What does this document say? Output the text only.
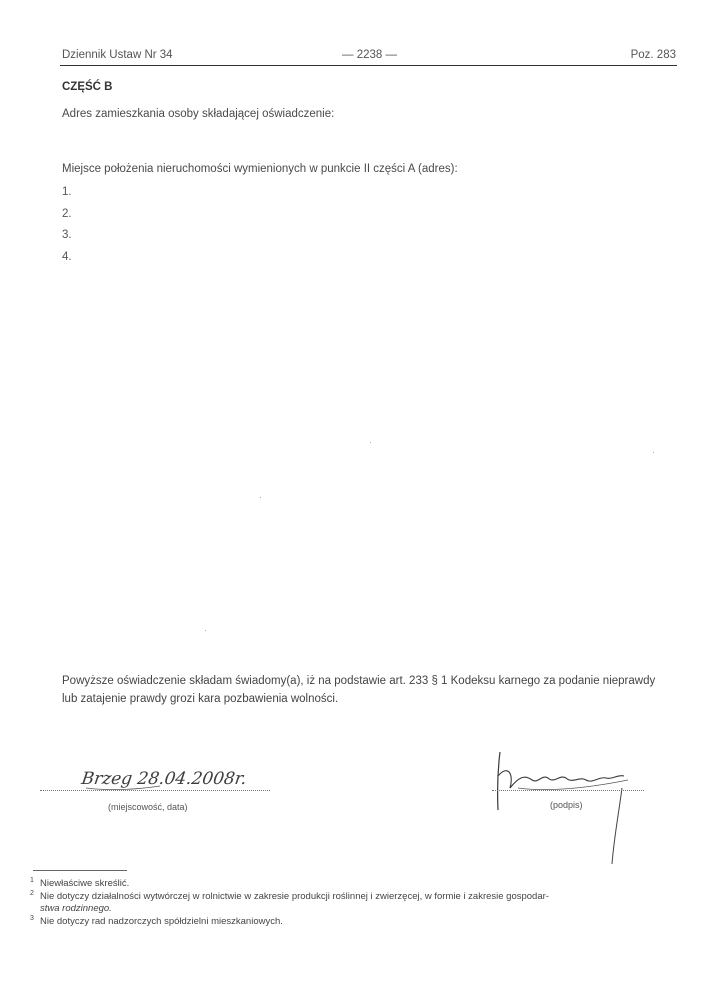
Dziennik Ustaw Nr 34	— 2238 —	Poz. 283
CZĘŚĆ B
Adres zamieszkania osoby składającej oświadczenie:
Miejsce położenia nieruchomości wymienionych w punkcie II części A (adres):
1.
2.
3.
4.
Powyższe oświadczenie składam świadomy(a), iż na podstawie art. 233 § 1 Kodeksu karnego za podanie nieprawdy lub zatajenie prawdy grozi kara pozbawienia wolności.
Brzeg 28.04.2008r.
(miejscowość, data)	(podpis)
1 Niewłaściwe skreślić.
2 Nie dotyczy działalności wytwórczej w rolnictwie w zakresie produkcji roślinnej i zwierzęcej, w formie i zakresie gospodar-
stwa rodzinnego.
3 Nie dotyczy rad nadzorczych spółdzielni mieszkaniowych.
